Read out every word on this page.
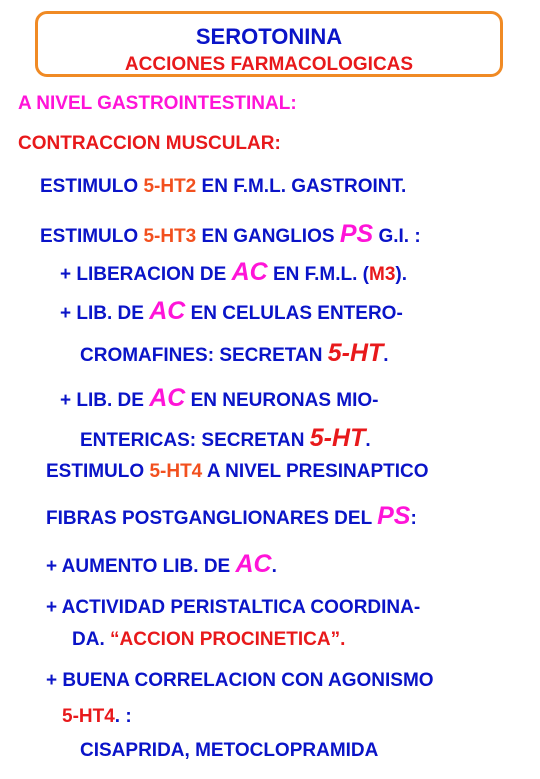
SEROTONINA
ACCIONES FARMACOLOGICAS
A NIVEL GASTROINTESTINAL:
CONTRACCION MUSCULAR:
ESTIMULO 5-HT2 EN F.M.L. GASTROINT.
ESTIMULO 5-HT3 EN GANGLIOS PS G.I. :
+ LIBERACION DE AC EN F.M.L. (M3).
+ LIB. DE AC EN CELULAS ENTERO-
CROMAFINES: SECRETAN 5-HT.
+ LIB. DE AC EN NEURONAS MIO-
ENTERICAS: SECRETAN 5-HT.
ESTIMULO 5-HT4 A NIVEL PRESINAPTICO
FIBRAS POSTGANGLIONARES DEL PS:
+ AUMENTO LIB. DE AC.
+ ACTIVIDAD PERISTALTICA COORDINA-
DA. “ACCION PROCINETICA”.
+ BUENA CORRELACION CON AGONISMO
5-HT4. :
CISAPRIDA, METOCLOPRAMIDA
